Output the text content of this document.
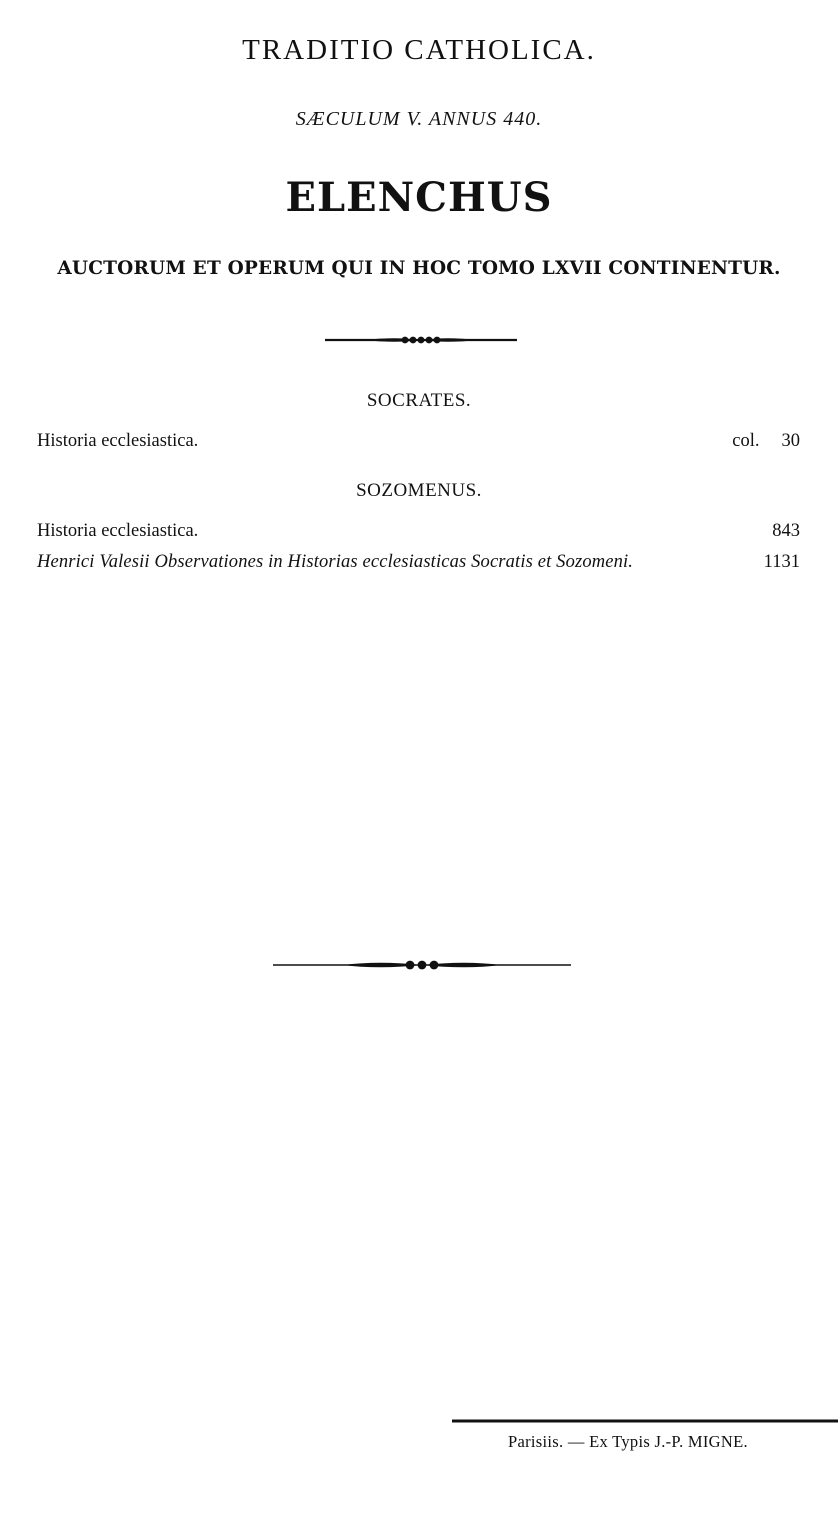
TRADITIO CATHOLICA.
SÆCULUM V. ANNUS 440.
ELENCHUS
AUCTORUM ET OPERUM QUI IN HOC TOMO LXVII CONTINENTUR.
SOCRATES.
Historia ecclesiastica.	col. 30
SOZOMENUS.
Historia ecclesiastica.	843
Henrici Valesii Observationes in Historias ecclesiasticas Socratis et Sozomeni.	1131
Parisiis. — Ex Typis J.-P. MIGNE.
